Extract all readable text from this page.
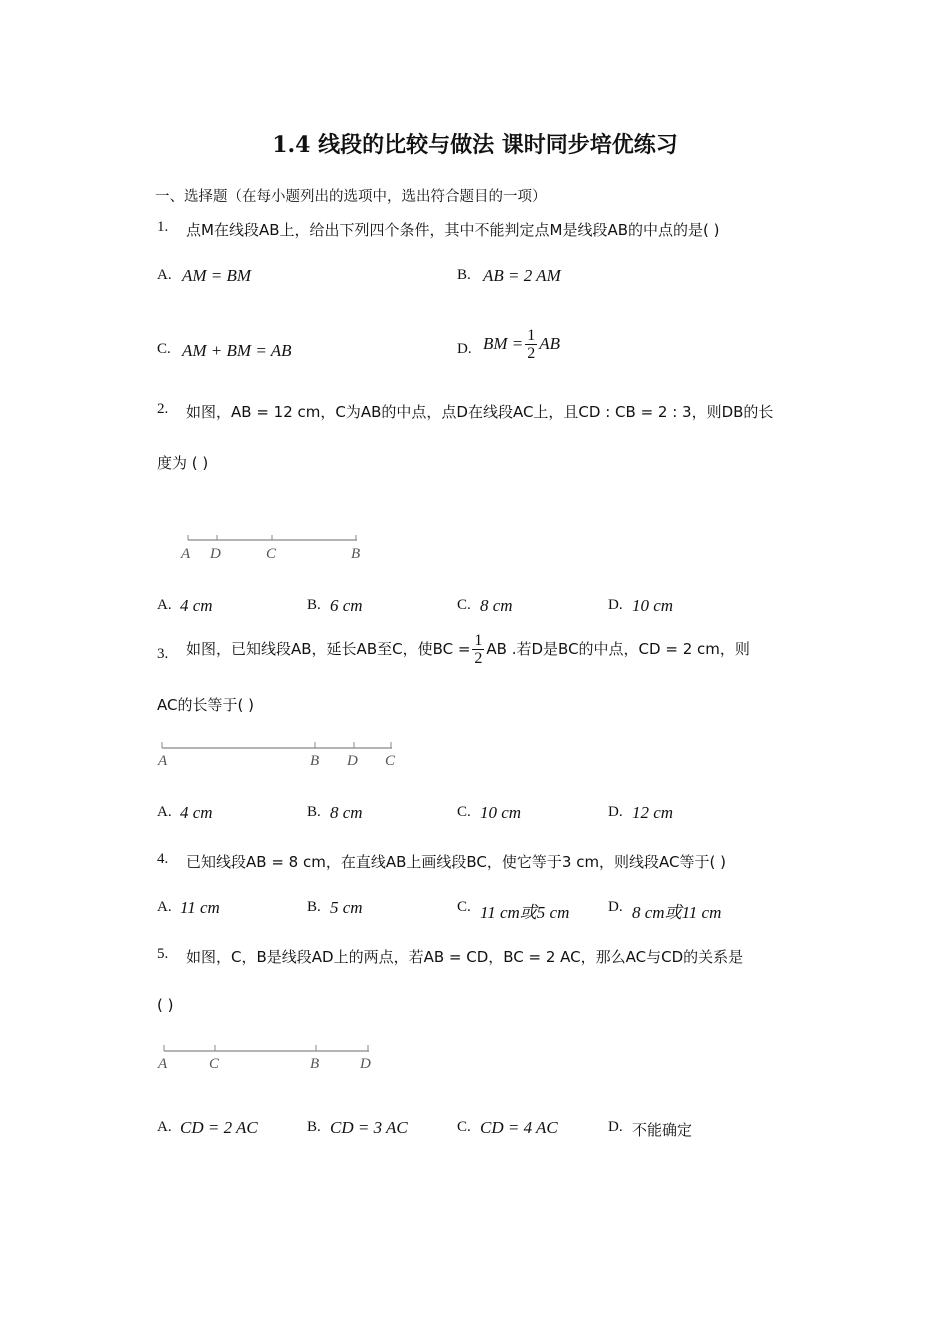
1.4 线段的比较与做法 课时同步培优练习
一、选择题（在每小题列出的选项中，选出符合题目的一项）
1. 点M在线段AB上，给出下列四个条件，其中不能判定点M是线段AB的中点的是( )
A. AM = BM	B. AB = 2 AM
C. AM + BM = AB	D. BM = $\frac{1}{2}$ AB
2. 如图，AB = 12 cm，C为AB的中点，点D在线段AC上，且CD : CB = 2 : 3，则DB的长
度为 ( )
A D	C	B
A. 4 cm	B. 6 cm	C. 8 cm	D. 10 cm
3. 如图，已知线段AB，延长AB至C，使BC = $\frac{1}{2}$ AB .若D是BC的中点，CD = 2 cm，则
AC的长等于( )
A	B D C
A. 4 cm	B. 8 cm	C. 10 cm	D. 12 cm
4. 已知线段AB = 8 cm，在直线AB上画线段BC，使它等于3 cm，则线段AC等于( )
A. 11 cm	B. 5 cm	C. 11 cm或5 cm	D. 8 cm或11 cm
5. 如图，C，B是线段AD上的两点，若AB = CD，BC = 2 AC，那么AC与CD的关系是
( )
A	C	B	D
A. CD = 2 AC	B. CD = 3 AC	C. CD = 4 AC	D. 不能确定
